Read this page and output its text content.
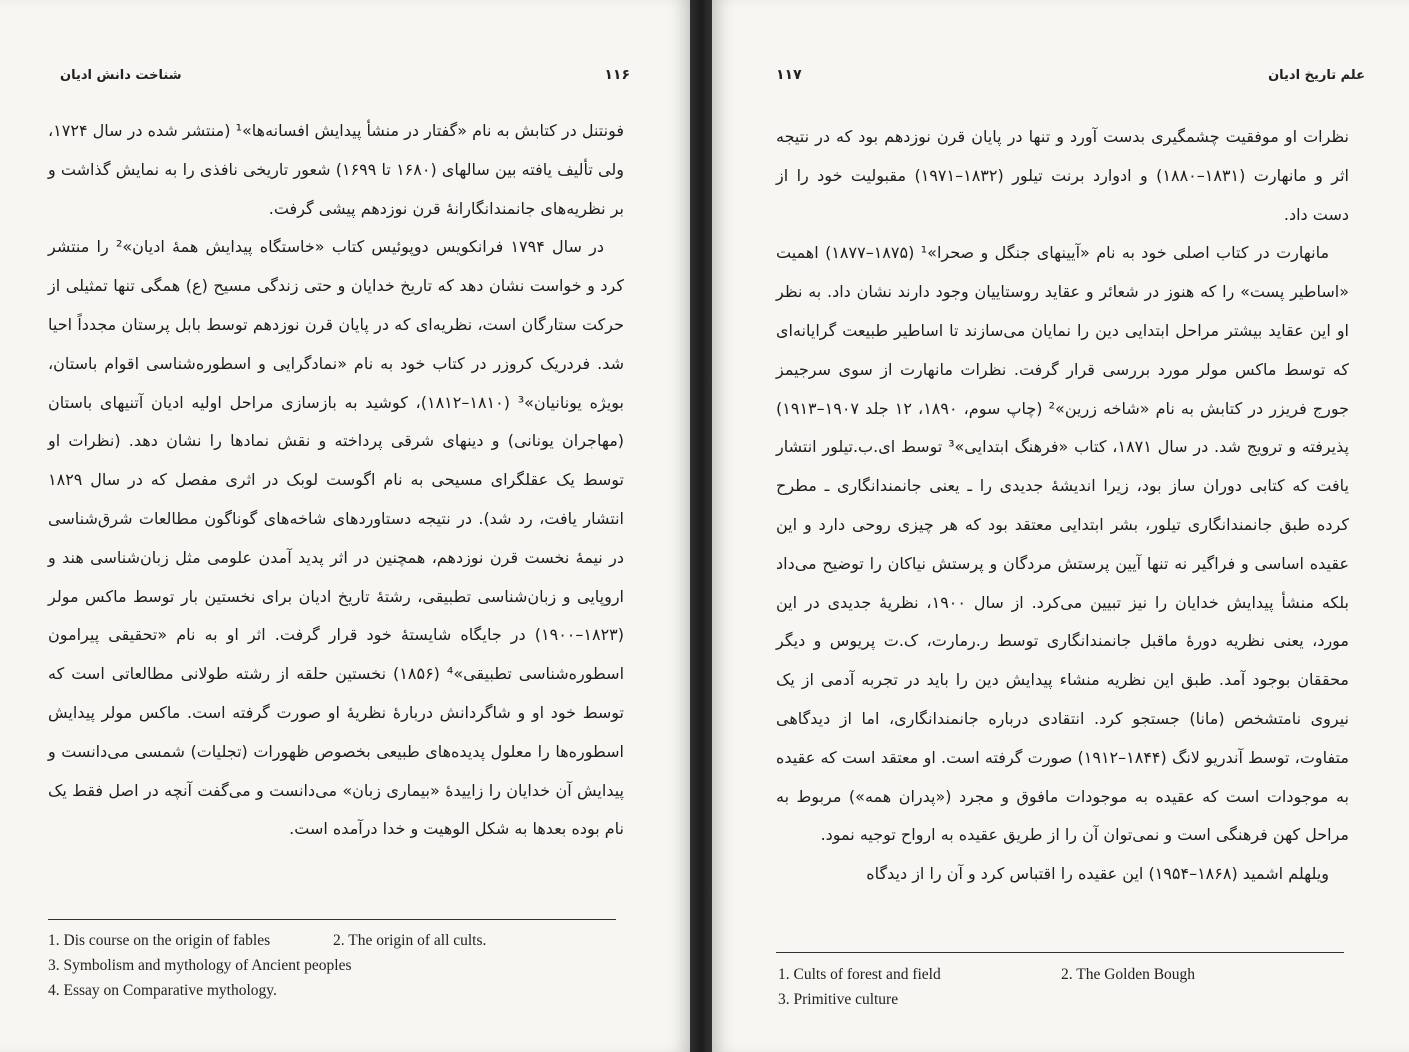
۱۱۶
شناخت دانش ادیان

فونتنل در کتابش به نام «گفتار در منشأ پیدایش افسانه‌ها»¹ (منتشر شده در سال ۱۷۲۴، ولی تألیف یافته بین سالهای (۱۶۸۰ تا ۱۶۹۹) شعور تاریخی نافذی را به نمایش گذاشت و بر نظریه‌های جانمندانگارانهٔ قرن نوزدهم پیشی گرفت.

در سال ۱۷۹۴ فرانکویس دوپوئیس کتاب «خاستگاه پیدایش همهٔ ادیان»² را منتشر کرد و خواست نشان دهد که تاریخ خدایان و حتی زندگی مسیح (ع) همگی تنها تمثیلی از حرکت ستارگان است، نظریه‌ای که در پایان قرن نوزدهم توسط بابل پرستان مجدداً احیا شد. فردریک کروزر در کتاب خود به نام «نمادگرایی و اسطوره‌شناسی اقوام باستان، بویژه یونانیان»³ (۱۸۱۰–۱۸۱۲)، کوشید به بازسازی مراحل اولیه ادیان آتنیهای باستان (مهاجران یونانی) و دینهای شرقی پرداخته و نقش نمادها را نشان دهد. (نظرات او توسط یک عقلگرای مسیحی به نام اگوست لوبک در اثری مفصل که در سال ۱۸۲۹ انتشار یافت، رد شد). در نتیجه دستاوردهای شاخه‌های گوناگون مطالعات شرق‌شناسی در نیمهٔ نخست قرن نوزدهم، همچنین در اثر پدید آمدن علومی مثل زبان‌شناسی هند و اروپایی و زبان‌شناسی تطبیقی، رشتهٔ تاریخ ادیان برای نخستین بار توسط ماکس مولر (۱۸۲۳–۱۹۰۰) در جایگاه شایستهٔ خود قرار گرفت. اثر او به نام «تحقیقی پیرامون اسطوره‌شناسی تطبیقی»⁴ (۱۸۵۶) نخستین حلقه از رشته طولانی مطالعاتی است که توسط خود او و شاگردانش دربارهٔ نظریهٔ او صورت گرفته است. ماکس مولر پیدایش اسطوره‌ها را معلول پدیده‌های طبیعی بخصوص ظهورات (تجلیات) شمسی می‌دانست و پیدایش آن خدایان را زاییدهٔ «بیماری زبان» می‌دانست و می‌گفت آنچه در اصل فقط یک نام بوده بعدها به شکل الوهیت و خدا درآمده است.

1. Dis course on the origin of fables	2. The origin of all cults.
3. Symbolism and mythology of Ancient peoples
4. Essay on Comparative mythology.
علم تاریخ ادیان
۱۱۷

نظرات او موفقیت چشمگیری بدست آورد و تنها در پایان قرن نوزدهم بود که در نتیجه اثر و مانهارت (۱۸۳۱–۱۸۸۰) و ادوارد برنت تیلور (۱۸۳۲–۱۹۷۱) مقبولیت خود را از دست داد.

مانهارت در کتاب اصلی خود به نام «آیینهای جنگل و صحرا»¹ (۱۸۷۵–۱۸۷۷) اهمیت «اساطیر پست» را که هنوز در شعائر و عقاید روستاییان وجود دارند نشان داد. به نظر او این عقاید بیشتر مراحل ابتدایی دین را نمایان می‌سازند تا اساطیر طبیعت گرایانه‌ای که توسط ماکس مولر مورد بررسی قرار گرفت. نظرات مانهارت از سوی سرجیمز جورج فریزر در کتابش به نام «شاخه زرین»² (چاپ سوم، ۱۸۹۰، ۱۲ جلد ۱۹۰۷–۱۹۱۳) پذیرفته و ترویج شد. در سال ۱۸۷۱، کتاب «فرهنگ ابتدایی»³ توسط ای.ب.تیلور انتشار یافت که کتابی دوران ساز بود، زیرا اندیشهٔ جدیدی را ـ یعنی جانمندانگاری ـ مطرح کرده طبق جانمندانگاری تیلور، بشر ابتدایی معتقد بود که هر چیزی روحی دارد و این عقیده اساسی و فراگیر نه تنها آیین پرستش مردگان و پرستش نیاکان را توضیح می‌داد بلکه منشأ پیدایش خدایان را نیز تبیین می‌کرد. از سال ۱۹۰۰، نظریهٔ جدیدی در این مورد، یعنی نظریه دورهٔ ماقبل جانمندانگاری توسط ر.رمارت، ک.ت پریوس و دیگر محققان بوجود آمد. طبق این نظریه منشاء پیدایش دین را باید در تجربه آدمی از یک نیروی نامتشخص (مانا) جستجو کرد. انتقادی درباره جانمندانگاری، اما از دیدگاهی متفاوت، توسط آندریو لانگ (۱۸۴۴–۱۹۱۲) صورت گرفته است. او معتقد است که عقیده به موجودات است که عقیده به موجودات مافوق و مجرد («پدران همه») مربوط به مراحل کهن فرهنگی است و نمی‌توان آن را از طریق عقیده به ارواح توجیه نمود.

ویلهلم اشمید (۱۸۶۸–۱۹۵۴) این عقیده را اقتباس کرد و آن را از دیدگاه

1. Cults of forest and field	2. The Golden Bough
3. Primitive culture
